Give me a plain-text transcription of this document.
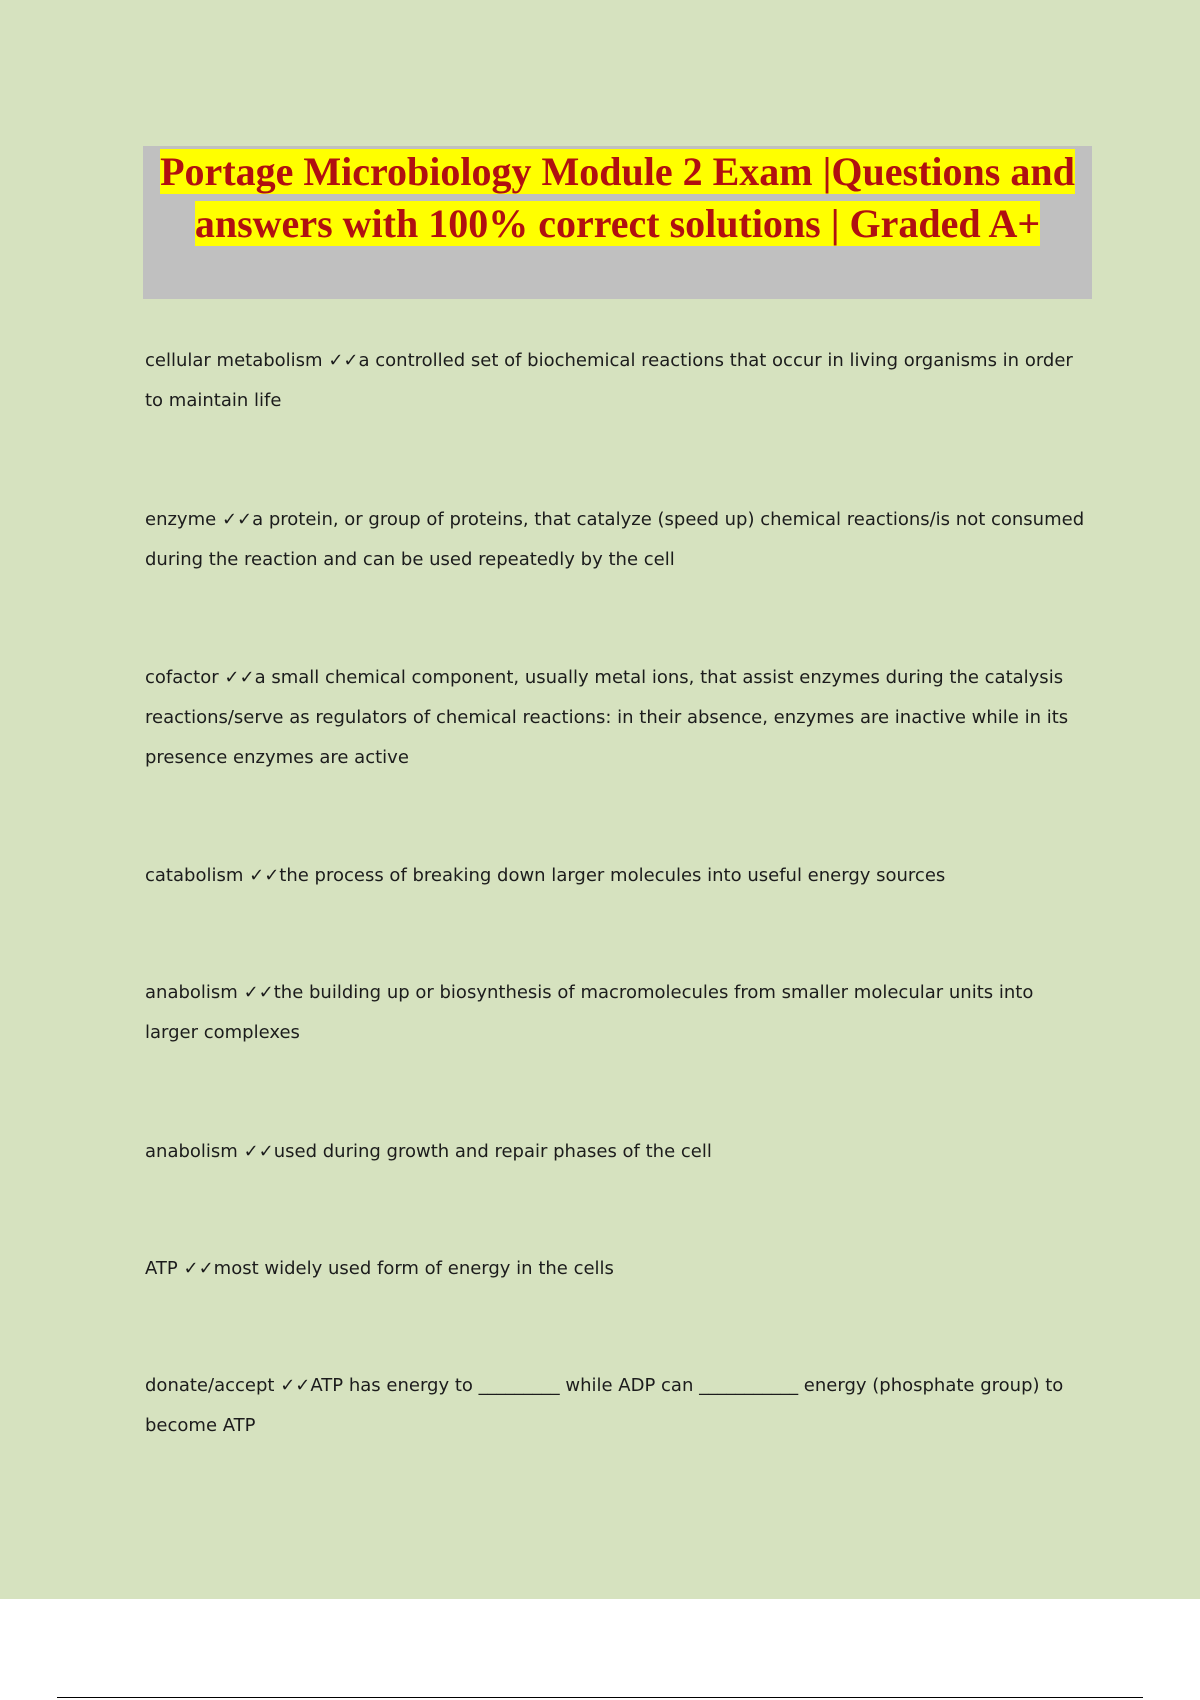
Portage Microbiology Module 2 Exam |Questions and answers with 100% correct solutions | Graded A+

cellular metabolism ✓✓a controlled set of biochemical reactions that occur in living organisms in order to maintain life

enzyme ✓✓a protein, or group of proteins, that catalyze (speed up) chemical reactions/is not consumed during the reaction and can be used repeatedly by the cell

cofactor ✓✓a small chemical component, usually metal ions, that assist enzymes during the catalysis reactions/serve as regulators of chemical reactions: in their absence, enzymes are inactive while in its presence enzymes are active

catabolism ✓✓the process of breaking down larger molecules into useful energy sources

anabolism ✓✓the building up or biosynthesis of macromolecules from smaller molecular units into larger complexes

anabolism ✓✓used during growth and repair phases of the cell

ATP ✓✓most widely used form of energy in the cells

donate/accept ✓✓ATP has energy to _________ while ADP can ___________ energy (phosphate group) to become ATP
